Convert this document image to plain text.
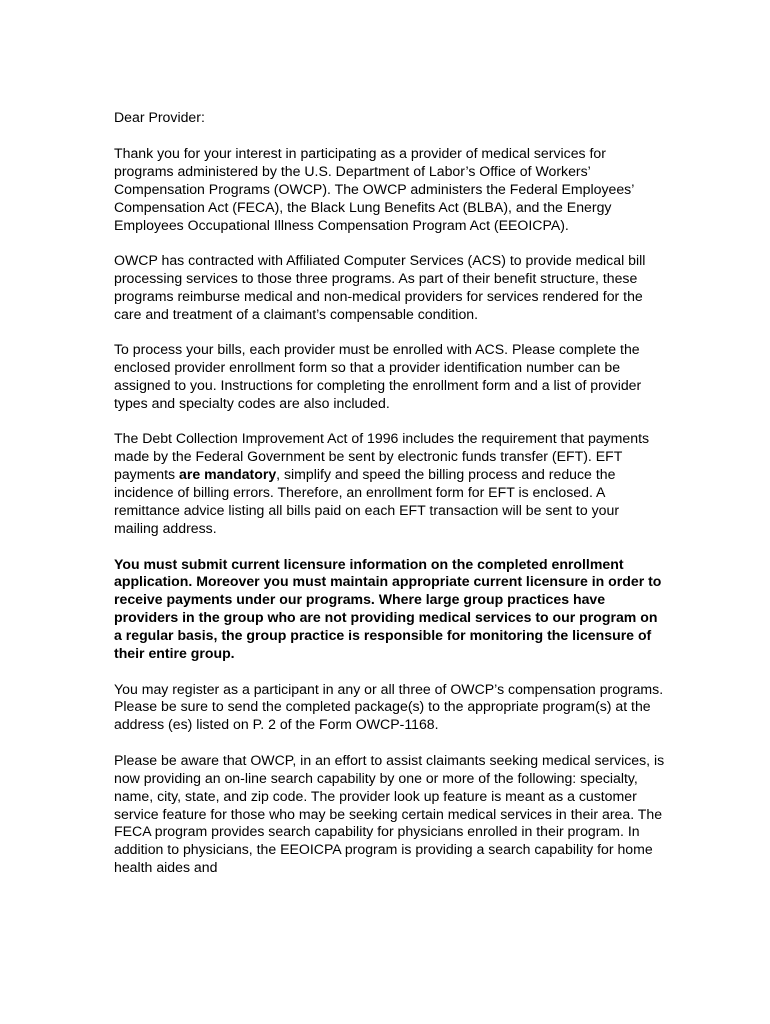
Dear Provider:

Thank you for your interest in participating as a provider of medical services for programs administered by the U.S. Department of Labor’s Office of Workers’ Compensation Programs (OWCP). The OWCP administers the Federal Employees’ Compensation Act (FECA), the Black Lung Benefits Act (BLBA), and the Energy Employees Occupational Illness Compensation Program Act (EEOICPA).

OWCP has contracted with Affiliated Computer Services (ACS) to provide medical bill processing services to those three programs. As part of their benefit structure, these programs reimburse medical and non-medical providers for services rendered for the care and treatment of a claimant’s compensable condition.

To process your bills, each provider must be enrolled with ACS. Please complete the enclosed provider enrollment form so that a provider identification number can be assigned to you. Instructions for completing the enrollment form and a list of provider types and specialty codes are also included.

The Debt Collection Improvement Act of 1996 includes the requirement that payments made by the Federal Government be sent by electronic funds transfer (EFT). EFT payments are mandatory, simplify and speed the billing process and reduce the incidence of billing errors. Therefore, an enrollment form for EFT is enclosed. A remittance advice listing all bills paid on each EFT transaction will be sent to your mailing address.

You must submit current licensure information on the completed enrollment application. Moreover you must maintain appropriate current licensure in order to receive payments under our programs. Where large group practices have providers in the group who are not providing medical services to our program on a regular basis, the group practice is responsible for monitoring the licensure of their entire group.

You may register as a participant in any or all three of OWCP’s compensation programs. Please be sure to send the completed package(s) to the appropriate program(s) at the address (es) listed on P. 2 of the Form OWCP-1168.

Please be aware that OWCP, in an effort to assist claimants seeking medical services, is now providing an on-line search capability by one or more of the following: specialty, name, city, state, and zip code. The provider look up feature is meant as a customer service feature for those who may be seeking certain medical services in their area. The FECA program provides search capability for physicians enrolled in their program. In addition to physicians, the EEOICPA program is providing a search capability for home health aides and
